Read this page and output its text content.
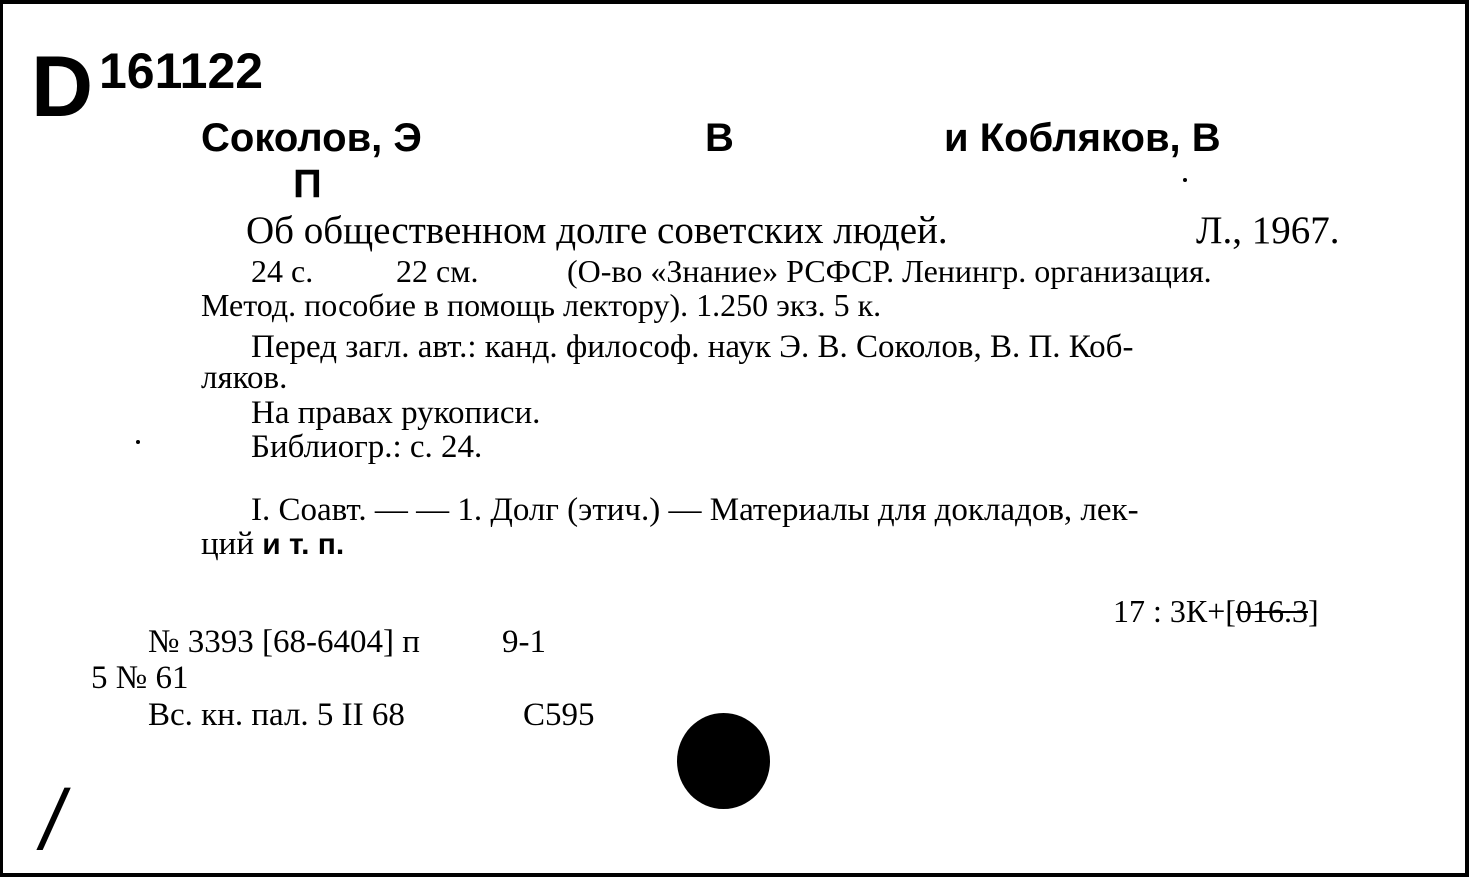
D 161122
Соколов, Э	В	и Кобляков, В
П
Об общественном долге советских людей.	Л., 1967.
24 с.	22 см.	(О-во «Знание» РСФСР. Ленингр. организация.
Метод. пособие в помощь лектору). 1.250 экз. 5 к.
Перед загл. авт.: канд. философ. наук Э. В. Соколов, В. П. Коб-
ляков.
На правах рукописи.
Библиогр.: с. 24.
I. Соавт. — — 1. Долг (этич.) — Материалы для докладов, лек-
ций и т. п.
17 : 3К+[016.3]
№ 3393 [68-6404] п 9-1
5 № 61
Вс. кн. пал. 5 II 68	С595
/
